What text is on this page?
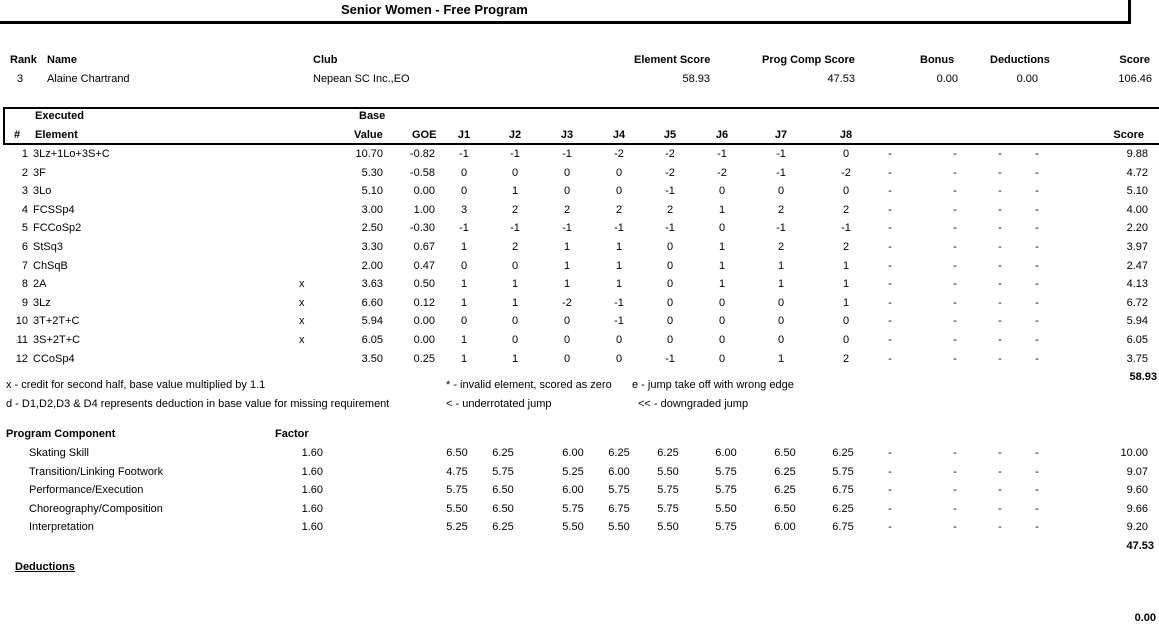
Senior Women - Free Program
Rank Name	Club	Element Score	Prog Comp Score	Bonus	Deductions	Score
3 Alaine Chartrand	Nepean SC Inc.,EO	58.93	47.53	0.00	0.00	106.46
Executed	Base
# Element	Value	GOE	J1	J2	J3	J4	J5	J6	J7	J8	Score
1 3Lz+1Lo+3S+C	10.70	-0.82	-1	-1	-1	-2	-2	-1	-1	0	-	-	-	-	9.88
2 3F	5.30	-0.58	0	0	0	0	-2	-2	-1	-2	-	-	-	-	4.72
3 3Lo	5.10	0.00	0	1	0	0	-1	0	0	0	-	-	-	-	5.10
4 FCSSp4	3.00	1.00	3	2	2	2	2	1	2	2	-	-	-	-	4.00
5 FCCoSp2	2.50	-0.30	-1	-1	-1	-1	-1	0	-1	-1	-	-	-	-	2.20
6 StSq3	3.30	0.67	1	2	1	1	0	1	2	2	-	-	-	-	3.97
7 ChSqB	2.00	0.47	0	0	1	1	0	1	1	1	-	-	-	-	2.47
8 2A	x	3.63	0.50	1	1	1	1	0	1	1	1	-	-	-	-	4.13
9 3Lz	x	6.60	0.12	1	1	-2	-1	0	0	0	1	-	-	-	-	6.72
10 3T+2T+C	x	5.94	0.00	0	0	0	-1	0	0	0	0	-	-	-	-	5.94
11 3S+2T+C	x	6.05	0.00	1	0	0	0	0	0	0	0	-	-	-	-	6.05
12 CCoSp4	3.50	0.25	1	1	0	0	-1	0	1	2	-	-	-	-	3.75
58.93
x - credit for second half, base value multiplied by 1.1
d - D1,D2,D3 & D4 represents deduction in base value for missing requirement
* - invalid element, scored as zero e - jump take off with wrong edge
< - underrotated jump	<< - downgraded jump
Program Component	Factor
Skating Skill	1.60	6.50	6.25	6.00	6.25	6.25	6.00	6.50	6.25	-	-	-	-	10.00
Transition/Linking Footwork	1.60	4.75	5.75	5.25	6.00	5.50	5.75	6.25	5.75	-	-	-	-	9.07
Performance/Execution	1.60	5.75	6.50	6.00	5.75	5.75	5.75	6.25	6.75	-	-	-	-	9.60
Choreography/Composition	1.60	5.50	6.50	5.75	6.75	5.75	5.50	6.50	6.25	-	-	-	-	9.66
Interpretation	1.60	5.25	6.25	5.50	5.50	5.50	5.75	6.00	6.75	-	-	-	-	9.20
47.53
Deductions
0.00
